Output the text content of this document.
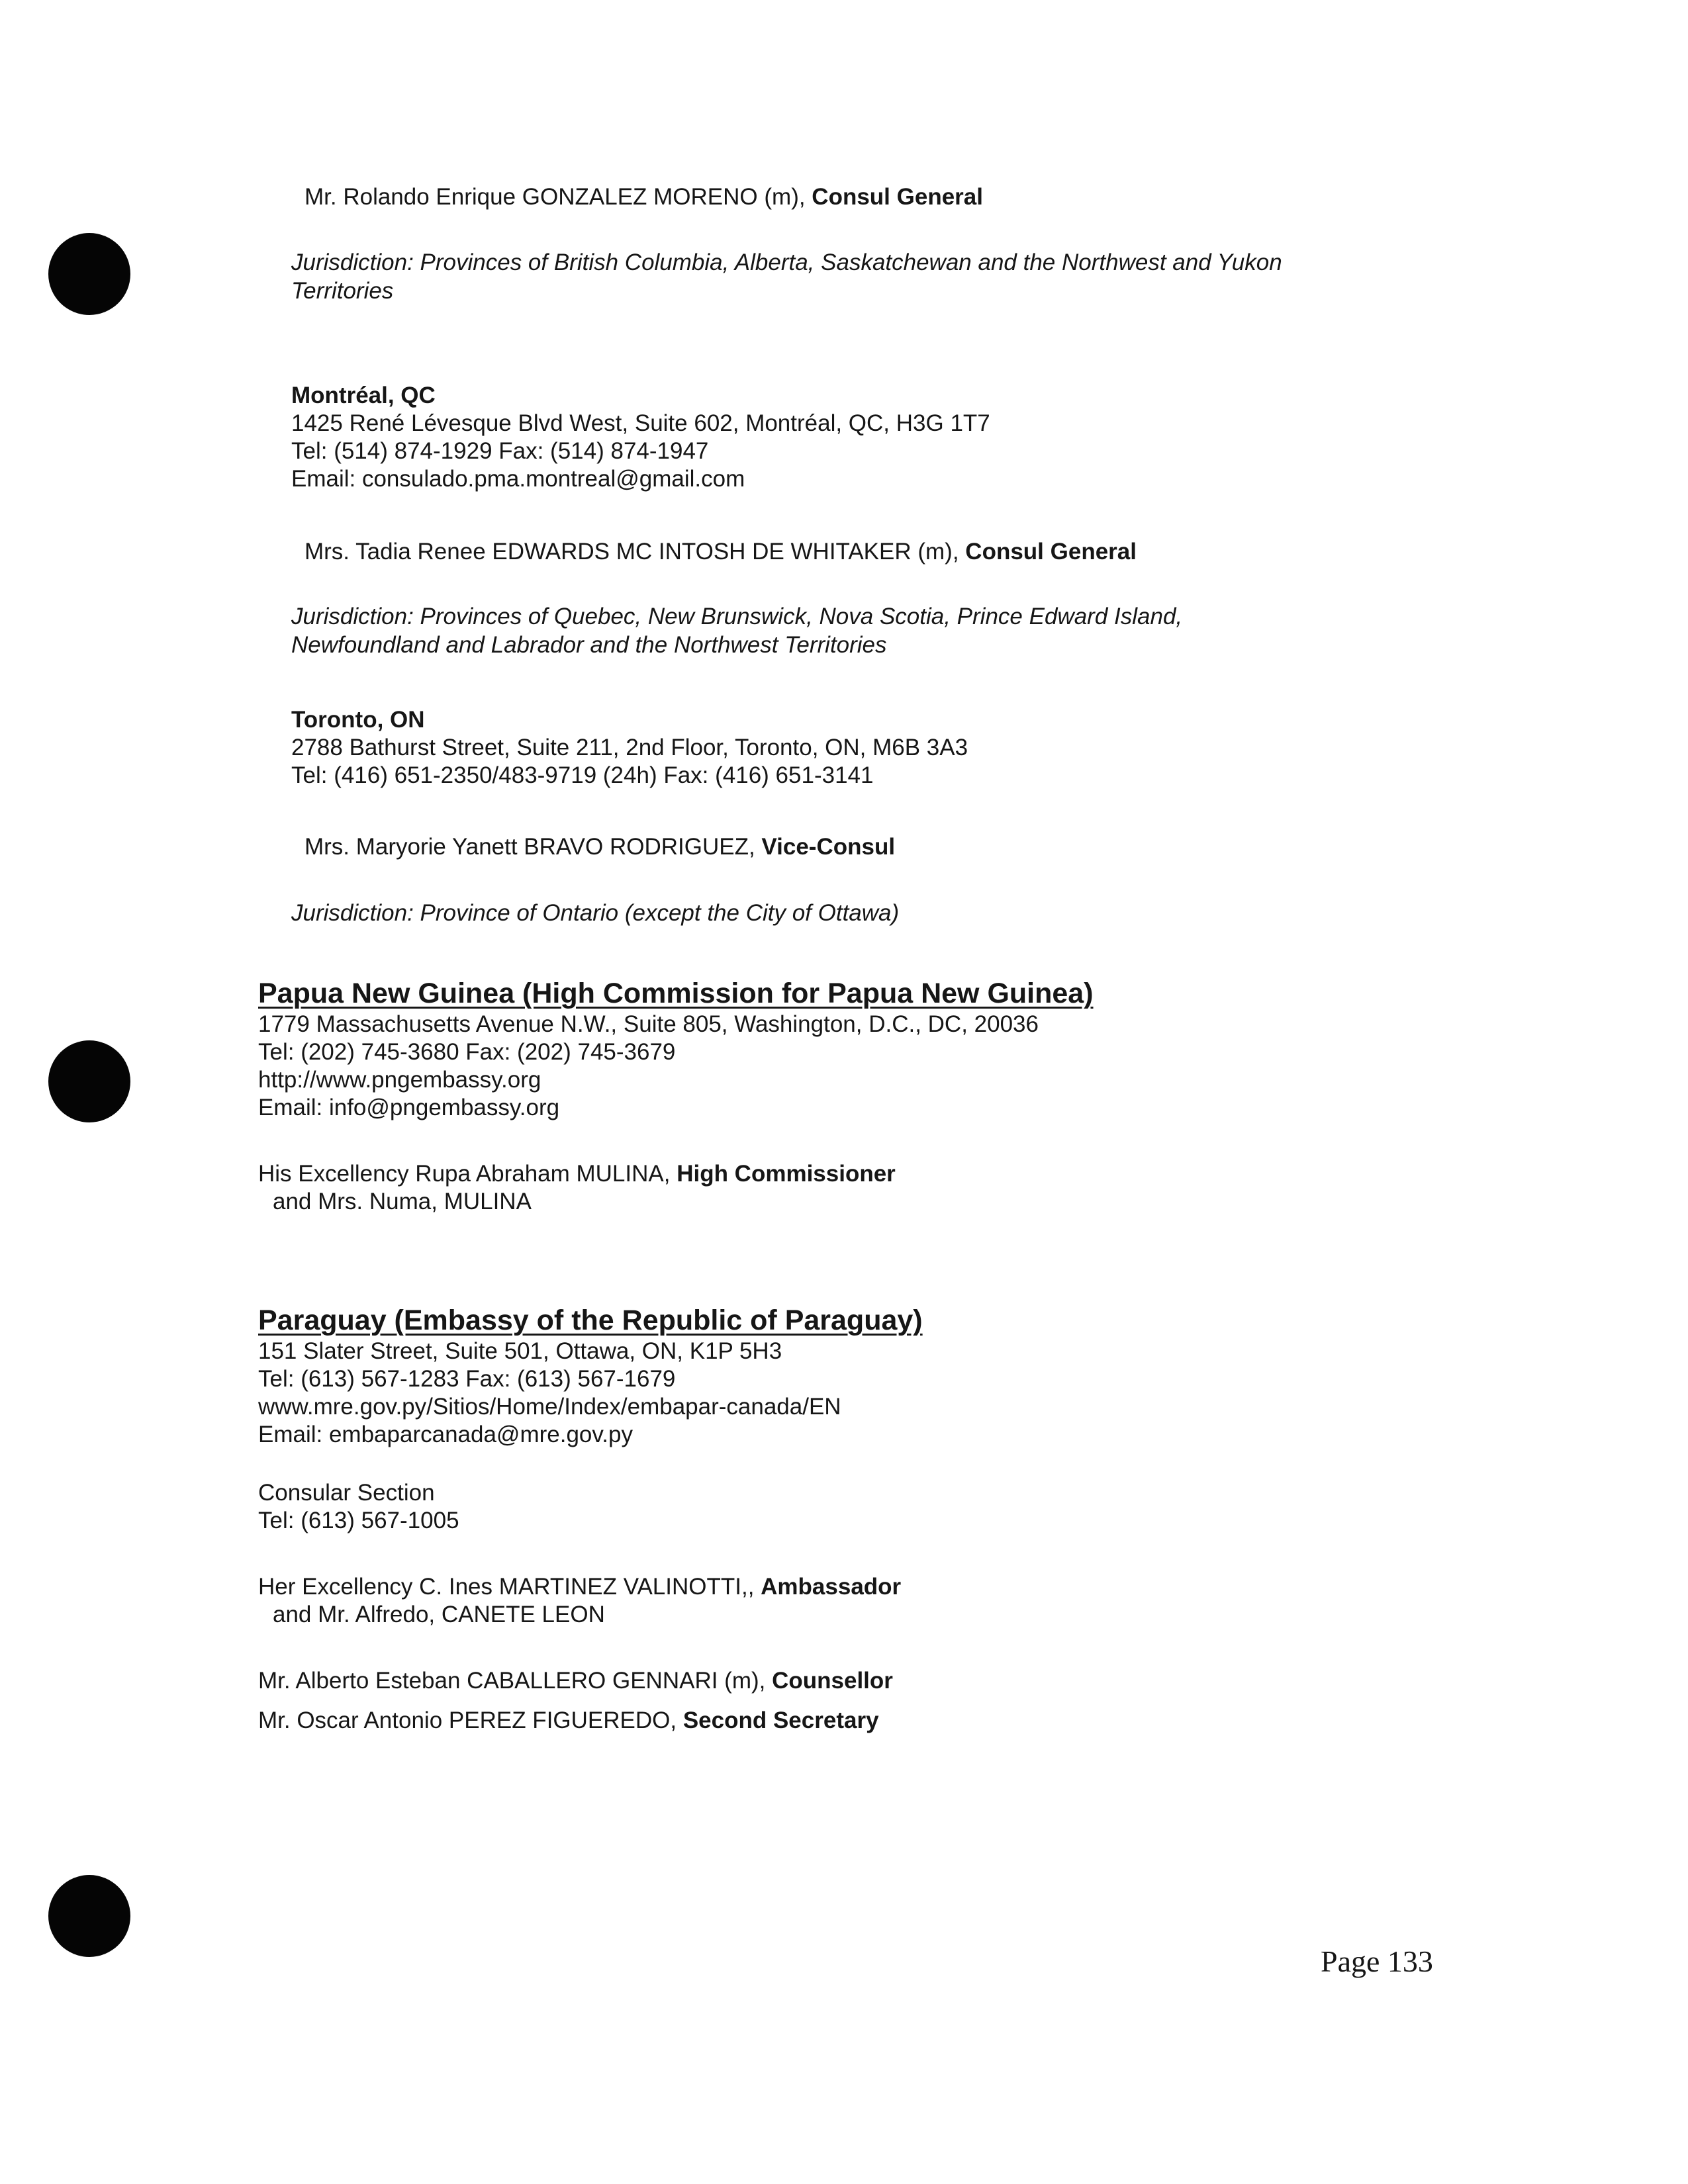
Mr. Rolando Enrique GONZALEZ MORENO (m), Consul General
Jurisdiction: Provinces of British Columbia, Alberta, Saskatchewan and the Northwest and Yukon
Territories
Montréal, QC
1425 René Lévesque Blvd West, Suite 602, Montréal, QC, H3G 1T7
Tel: (514) 874-1929 Fax: (514) 874-1947
Email: consulado.pma.montreal@gmail.com
Mrs. Tadia Renee EDWARDS MC INTOSH DE WHITAKER (m), Consul General
Jurisdiction: Provinces of Quebec, New Brunswick, Nova Scotia, Prince Edward Island,
Newfoundland and Labrador and the Northwest Territories
Toronto, ON
2788 Bathurst Street, Suite 211, 2nd Floor, Toronto, ON, M6B 3A3
Tel: (416) 651-2350/483-9719 (24h) Fax: (416) 651-3141
Mrs. Maryorie Yanett BRAVO RODRIGUEZ, Vice-Consul
Jurisdiction: Province of Ontario (except the City of Ottawa)
Papua New Guinea (High Commission for Papua New Guinea)
1779 Massachusetts Avenue N.W., Suite 805, Washington, D.C., DC, 20036
Tel: (202) 745-3680 Fax: (202) 745-3679
http://www.pngembassy.org
Email: info@pngembassy.org
His Excellency Rupa Abraham MULINA, High Commissioner
and Mrs. Numa, MULINA
Paraguay (Embassy of the Republic of Paraguay)
151 Slater Street, Suite 501, Ottawa, ON, K1P 5H3
Tel: (613) 567-1283 Fax: (613) 567-1679
www.mre.gov.py/Sitios/Home/Index/embapar-canada/EN
Email: embaparcanada@mre.gov.py
Consular Section
Tel: (613) 567-1005
Her Excellency C. Ines MARTINEZ VALINOTTI,, Ambassador
and Mr. Alfredo, CANETE LEON
Mr. Alberto Esteban CABALLERO GENNARI (m), Counsellor
Mr. Oscar Antonio PEREZ FIGUEREDO, Second Secretary
Page 133
